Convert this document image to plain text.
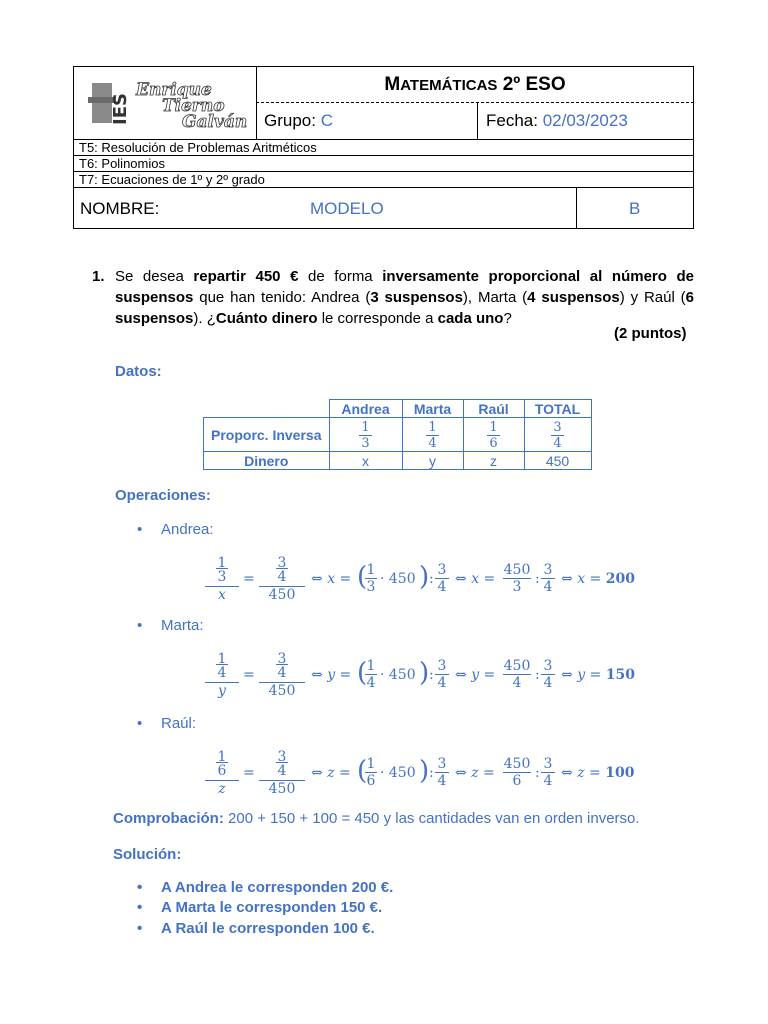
IES
Enrique
Tierno
Galván
MATEMÁTICAS 2º ESO
Grupo: C	Fecha: 02/03/2023
T5: Resolución de Problemas Aritméticos
T6: Polinomios
T7: Ecuaciones de 1º y 2º grado
NOMBRE:	MODELO	B
1. Se desea repartir 450 € de forma inversamente proporcional al número de suspensos que han tenido: Andrea (3 suspensos), Marta (4 suspensos) y Raúl (6 suspensos). ¿Cuánto dinero le corresponde a cada uno?
(2 puntos)
Datos:
	Andrea	Marta	Raúl	TOTAL
Proporc. Inversa	$\frac{1}{3}$	$\frac{1}{4}$	$\frac{1}{6}$	$\frac{3}{4}$

Dinero	x	y	z	450
Operaciones:
• Andrea:
1
3
x
=
3
4
450
⇔ x = ( 1
3 · 450 ) :
3
4 ⇔ x =
450
3 :
3
4 ⇔ x = 200
• Marta:
1
4
y
=
3
4
450
⇔ y = ( 1
4 · 450 ) :
3
4 ⇔ y =
450
4 :
3
4 ⇔ y = 150
• Raúl:
1
6
z
=
3
4
450
⇔ z = ( 1
6 · 450 ) :
3
4 ⇔ z =
450
6 :
3
4 ⇔ z = 100
Comprobación: 200 + 150 + 100 = 450 y las cantidades van en orden inverso.
Solución:
• A Andrea le corresponden 200 €.
• A Marta le corresponden 150 €.
• A Raúl le corresponden 100 €.
